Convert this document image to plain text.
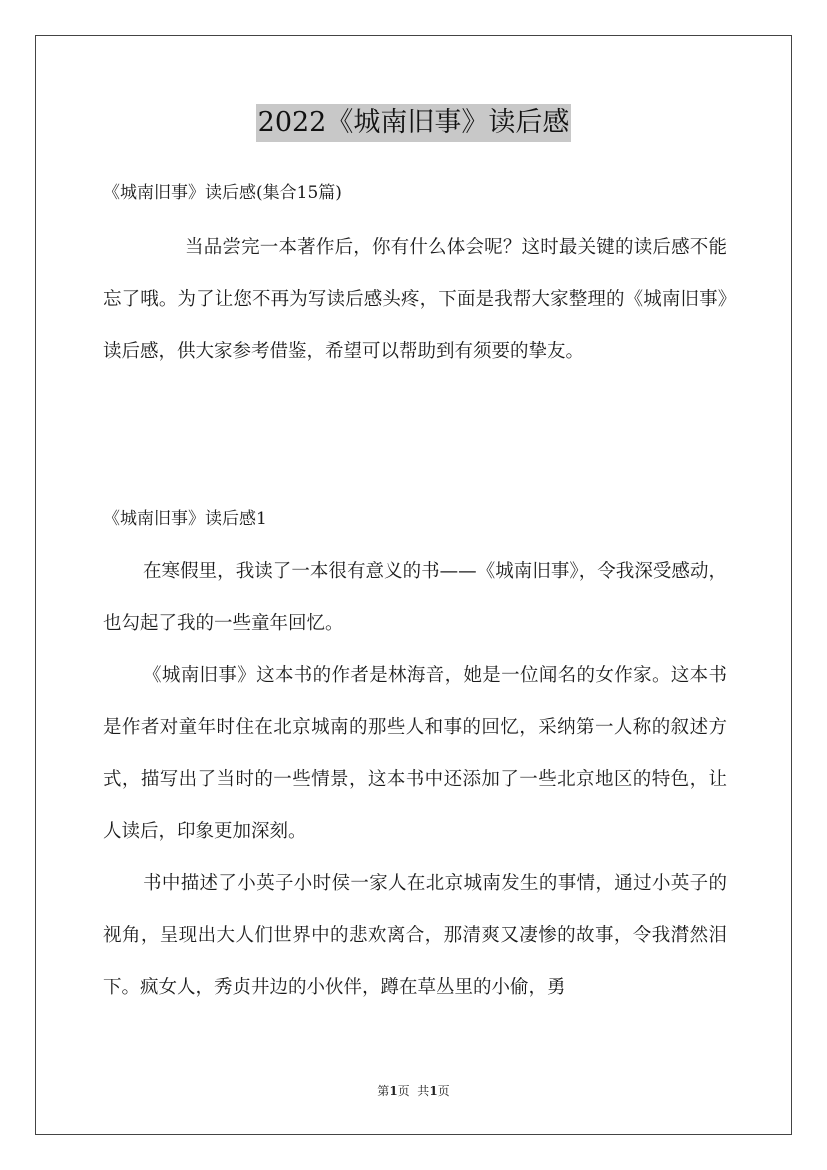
2022《城南旧事》读后感
《城南旧事》读后感(集合15篇)

当品尝完一本著作后，你有什么体会呢？这时最关键的读后感不能忘了哦。为了让您不再为写读后感头疼，下面是我帮大家整理的《城南旧事》读后感，供大家参考借鉴，希望可以帮助到有须要的挚友。

《城南旧事》读后感1

在寒假里，我读了一本很有意义的书——《城南旧事》，令我深受感动，也勾起了我的一些童年回忆。

《城南旧事》这本书的作者是林海音，她是一位闻名的女作家。这本书是作者对童年时住在北京城南的那些人和事的回忆，采纳第一人称的叙述方式，描写出了当时的一些情景，这本书中还添加了一些北京地区的特色，让人读后，印象更加深刻。

书中描述了小英子小时侯一家人在北京城南发生的事情，通过小英子的视角，呈现出大人们世界中的悲欢离合，那清爽又凄惨的故事，令我潸然泪下。疯女人，秀贞井边的小伙伴，蹲在草丛里的小偷，勇

第1页  共1页
